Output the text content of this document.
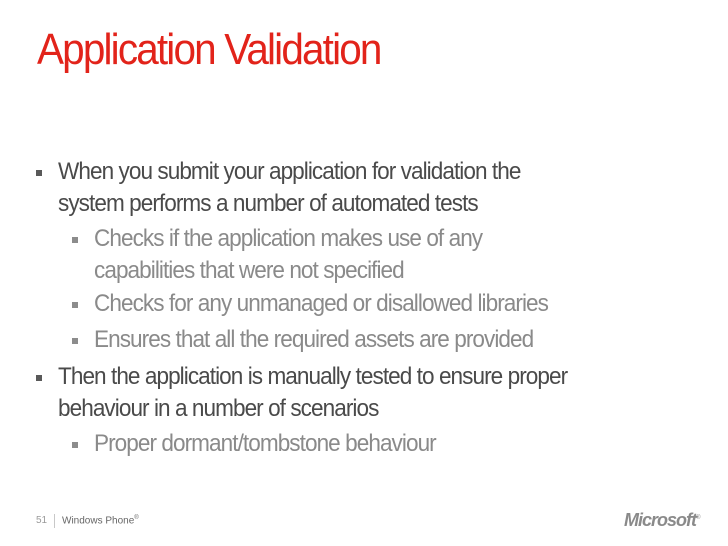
Application Validation
When you submit your application for validation the
system performs a number of automated tests
Checks if the application makes use of any
capabilities that were not specified
Checks for any unmanaged or disallowed libraries
Ensures that all the required assets are provided
Then the application is manually tested to ensure proper
behaviour in a number of scenarios
Proper dormant/tombstone behaviour
51 Windows Phone®	Microsoft®
